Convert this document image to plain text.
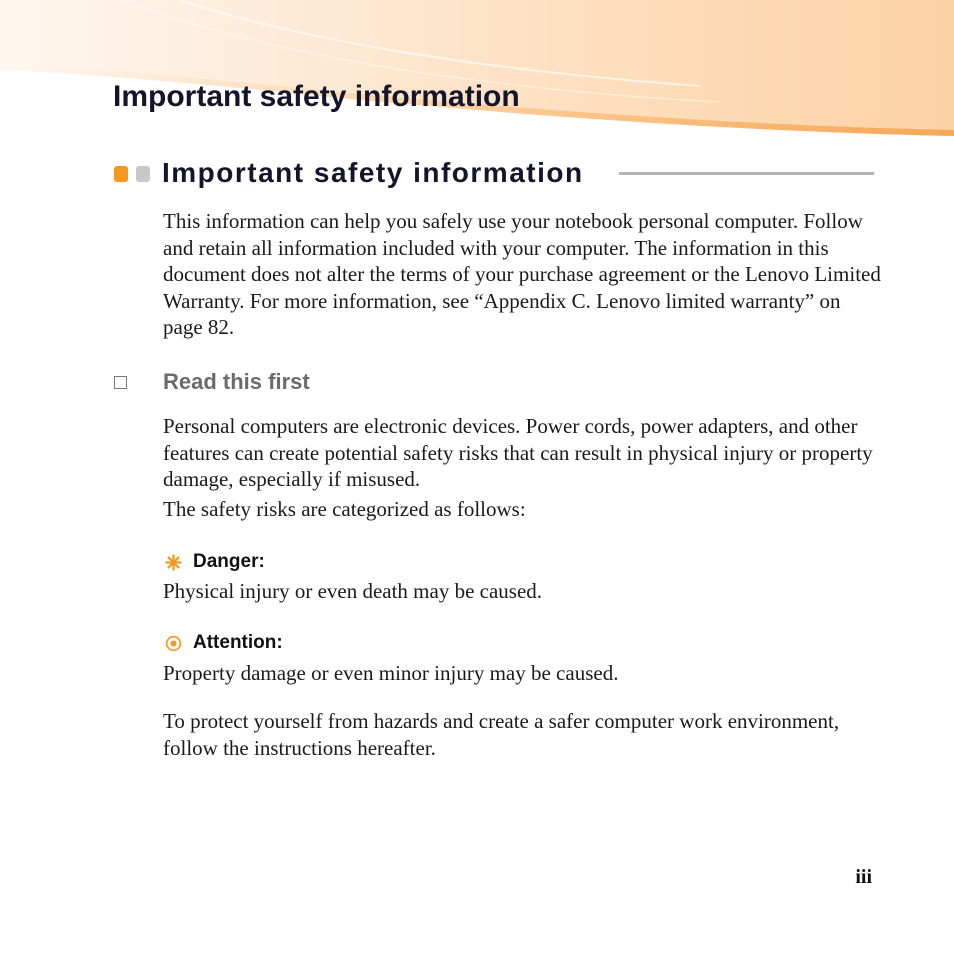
Important safety information
Important safety information

This information can help you safely use your notebook personal computer. Follow and retain all information included with your computer. The information in this document does not alter the terms of your purchase agreement or the Lenovo Limited Warranty. For more information, see “Appendix C. Lenovo limited warranty” on page 82.

Read this first

Personal computers are electronic devices. Power cords, power adapters, and other features can create potential safety risks that can result in physical injury or property damage, especially if misused.

The safety risks are categorized as follows:

Danger:

Physical injury or even death may be caused.

Attention:

Property damage or even minor injury may be caused.

To protect yourself from hazards and create a safer computer work environment, follow the instructions hereafter.

iii
